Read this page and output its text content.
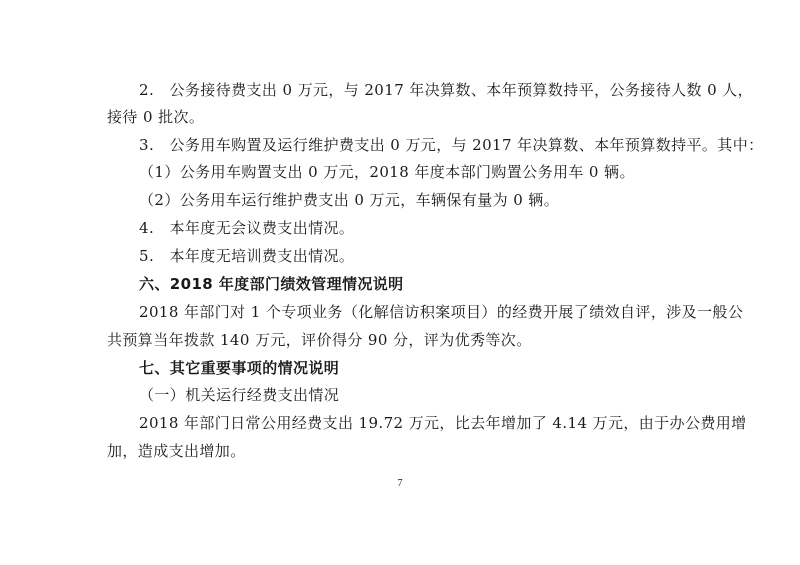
2.　公务接待费支出 0 万元，与 2017 年决算数、本年预算数持平，公务接待人数 0 人，
接待 0 批次。
3.　公务用车购置及运行维护费支出 0 万元，与 2017 年决算数、本年预算数持平。其中：
（1）公务用车购置支出 0 万元，2018 年度本部门购置公务用车 0 辆。
（2）公务用车运行维护费支出 0 万元，车辆保有量为 0 辆。
4.　本年度无会议费支出情况。
5.　本年度无培训费支出情况。
六、2018 年度部门绩效管理情况说明
2018 年部门对 1 个专项业务（化解信访积案项目）的经费开展了绩效自评，涉及一般公
共预算当年拨款 140 万元，评价得分 90 分，评为优秀等次。
七、其它重要事项的情况说明
（一）机关运行经费支出情况
2018 年部门日常公用经费支出 19.72 万元，比去年增加了 4.14 万元，由于办公费用增
加，造成支出增加。
7
